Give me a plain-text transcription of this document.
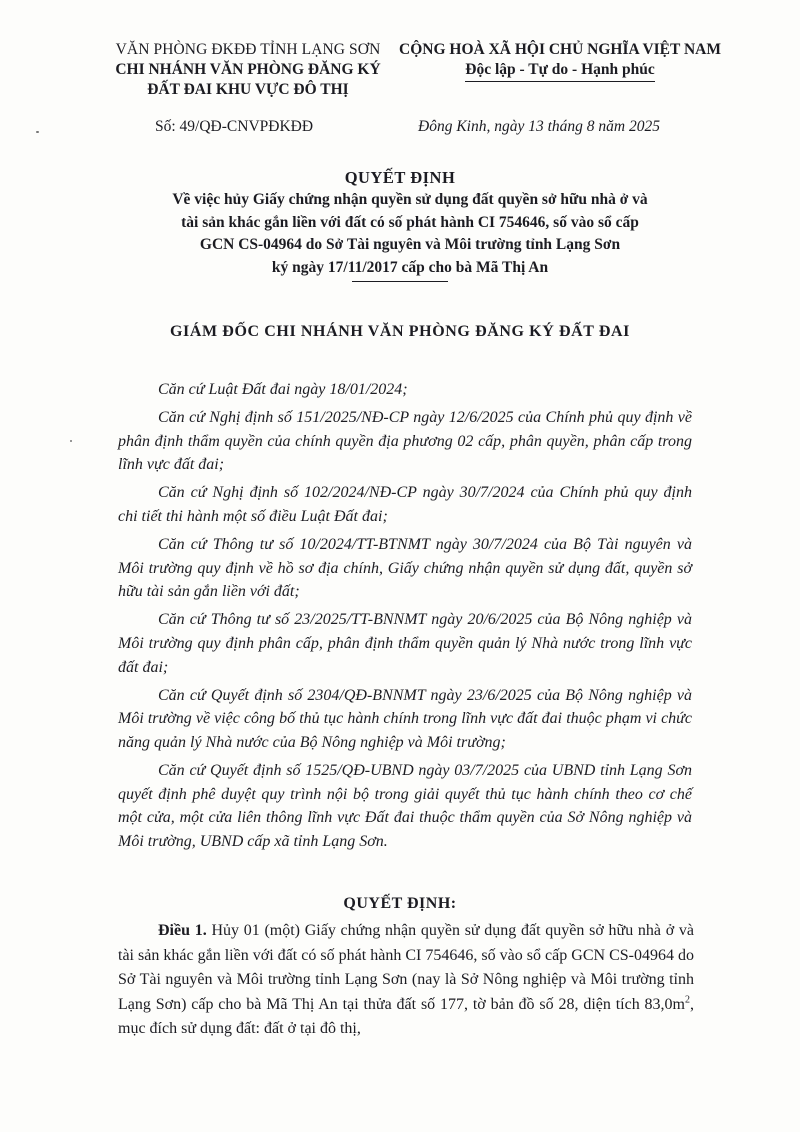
VĂN PHÒNG ĐKĐĐ TỈNH LẠNG SƠN
CHI NHÁNH VĂN PHÒNG ĐĂNG KÝ
ĐẤT ĐAI KHU VỰC ĐÔ THỊ
CỘNG HOÀ XÃ HỘI CHỦ NGHĨA VIỆT NAM
Độc lập - Tự do - Hạnh phúc
Số: 49/QĐ-CNVPĐKĐĐ	Đông Kinh, ngày 13 tháng 8 năm 2025
QUYẾT ĐỊNH
Về việc hủy Giấy chứng nhận quyền sử dụng đất quyền sở hữu nhà ở và
tài sản khác gắn liền với đất có số phát hành CI 754646, số vào sổ cấp
GCN CS-04964 do Sở Tài nguyên và Môi trường tỉnh Lạng Sơn
ký ngày 17/11/2017 cấp cho bà Mã Thị An
GIÁM ĐỐC CHI NHÁNH VĂN PHÒNG ĐĂNG KÝ ĐẤT ĐAI

Căn cứ Luật Đất đai ngày 18/01/2024;

Căn cứ Nghị định số 151/2025/NĐ-CP ngày 12/6/2025 của Chính phủ quy định về phân định thẩm quyền của chính quyền địa phương 02 cấp, phân quyền, phân cấp trong lĩnh vực đất đai;

Căn cứ Nghị định số 102/2024/NĐ-CP ngày 30/7/2024 của Chính phủ quy định chi tiết thi hành một số điều Luật Đất đai;

Căn cứ Thông tư số 10/2024/TT-BTNMT ngày 30/7/2024 của Bộ Tài nguyên và Môi trường quy định về hồ sơ địa chính, Giấy chứng nhận quyền sử dụng đất, quyền sở hữu tài sản gắn liền với đất;

Căn cứ Thông tư số 23/2025/TT-BNNMT ngày 20/6/2025 của Bộ Nông nghiệp và Môi trường quy định phân cấp, phân định thẩm quyền quản lý Nhà nước trong lĩnh vực đất đai;

Căn cứ Quyết định số 2304/QĐ-BNNMT ngày 23/6/2025 của Bộ Nông nghiệp và Môi trường về việc công bố thủ tục hành chính trong lĩnh vực đất đai thuộc phạm vi chức năng quản lý Nhà nước của Bộ Nông nghiệp và Môi trường;

Căn cứ Quyết định số 1525/QĐ-UBND ngày 03/7/2025 của UBND tỉnh Lạng Sơn quyết định phê duyệt quy trình nội bộ trong giải quyết thủ tục hành chính theo cơ chế một cửa, một cửa liên thông lĩnh vực Đất đai thuộc thẩm quyền của Sở Nông nghiệp và Môi trường, UBND cấp xã tỉnh Lạng Sơn.

QUYẾT ĐỊNH:

Điều 1. Hủy 01 (một) Giấy chứng nhận quyền sử dụng đất quyền sở hữu nhà ở và tài sản khác gắn liền với đất có số phát hành CI 754646, số vào sổ cấp GCN CS-04964 do Sở Tài nguyên và Môi trường tỉnh Lạng Sơn (nay là Sở Nông nghiệp và Môi trường tỉnh Lạng Sơn) cấp cho bà Mã Thị An tại thửa đất số 177, tờ bản đồ số 28, diện tích $83,0m^2$, mục đích sử dụng đất: đất ở tại đô thị,
